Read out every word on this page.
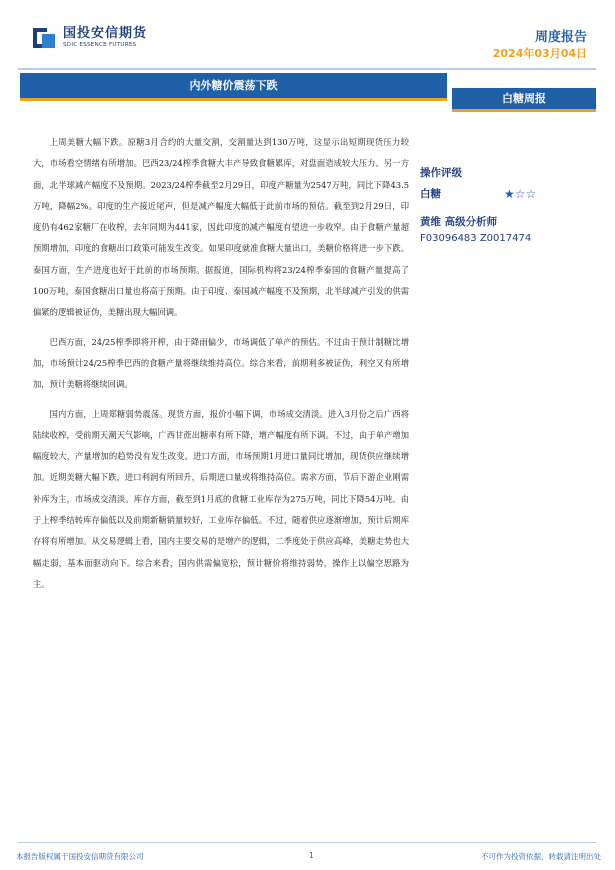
国投安信期货
SDIC ESSENCE FUTURES	周度报告
2024年03月04日
内外糖价震荡下跌
白糖周报

上周美糖大幅下跌。原糖3月合约的大量交割，交割量达到130万吨，这显示出短期现货压力较大，市场看空情绪有所增加。巴西23/24榨季食糖大丰产导致食糖累库，对盘面造成较大压力。另一方面，北半球减产幅度不及预期。2023/24榨季截至2月29日，印度产糖量为2547万吨，同比下降43.5万吨，降幅2%。印度的生产接近尾声，但是减产幅度大幅低于此前市场的预估。截至到2月29日，印度仍有462家糖厂在收榨，去年同期为441家，因此印度的减产幅度有望进一步收窄。由于食糖产量超预期增加，印度的食糖出口政策可能发生改变。如果印度就准食糖大量出口，美糖价格将进一步下跌。泰国方面，生产进度也好于此前的市场预期。据报道，国际机构将23/24榨季泰国的食糖产量提高了100万吨，泰国食糖出口量也将高于预期。由于印度、泰国减产幅度不及预期，北半球减产引发的供需偏紧的逻辑被证伪，美糖出现大幅回调。

巴西方面，24/25榨季即将开榨，由于降雨偏少，市场调低了单产的预估。不过由于预计制糖比增加，市场预计24/25榨季巴西的食糖产量将继续维持高位。综合来看，前期利多被证伪，利空又有所增加，预计美糖将继续回调。

国内方面，上周郑糖弱势震荡。现货方面，报价小幅下调，市场成交清淡。进入3月份之后广西将陆续收榨，受前期天潮天气影响，广西甘蔗出糖率有所下降，增产幅度有所下调。不过，由于单产增加幅度较大，产量增加的趋势没有发生改变。进口方面，市场预期1月进口量同比增加，现货供应继续增加。近期美糖大幅下跌，进口利润有所回升，后期进口量或将维持高位。需求方面，节后下游企业刚需补库为主，市场成交清淡。库存方面，截至到1月底的食糖工业库存为275万吨，同比下降54万吨。由于上榨季结转库存偏低以及前期新糖销量较好，工业库存偏低。不过，随着供应逐渐增加，预计后期库存将有所增加。从交易逻辑上看，国内主要交易的是增产的逻辑，二季度处于供应高峰，美糖走势也大幅走弱，基本面驱动向下。综合来看，国内供需偏宽松，预计糖价将维持弱势，操作上以偏空思路为主。

操作评级
白糖	★☆☆
黄维 高级分析师
F03096483 Z0017474
本报告版权属于国投安信期货有限公司	1	不可作为投资依据，转载请注明出处
